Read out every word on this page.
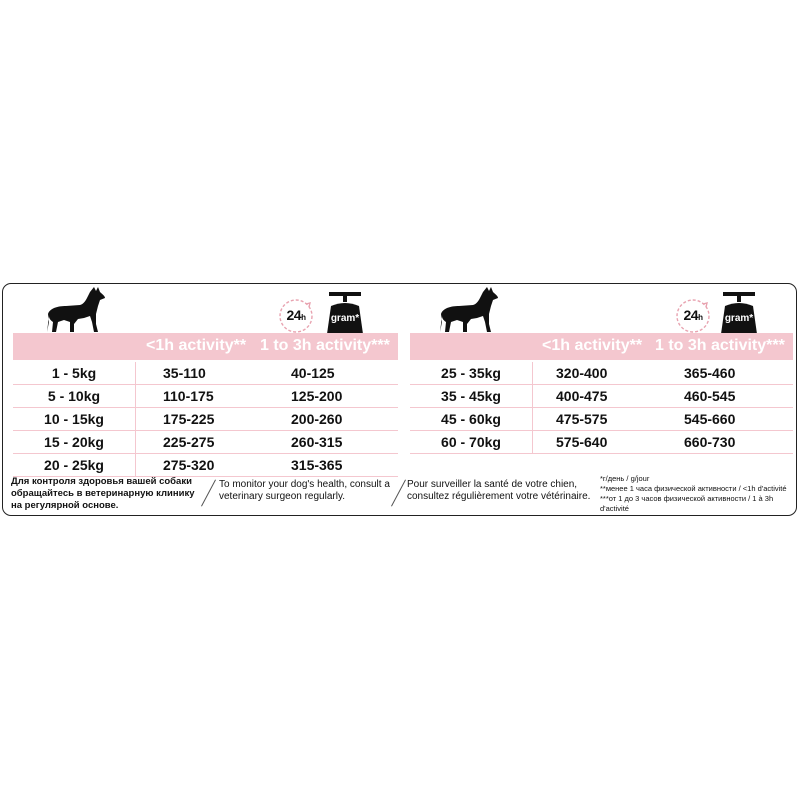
24h	gram*
<1h activity** 1 to 3h activity***
1 - 5kg	35-110	40-125
5 - 10kg	110-175	125-200
10 - 15kg	175-225	200-260
15 - 20kg	225-275	260-315
20 - 25kg	275-320	315-365
24h	gram*
<1h activity** 1 to 3h activity***
25 - 35kg	320-400	365-460
35 - 45kg	400-475	460-545
45 - 60kg	475-575	545-660
60 - 70kg	575-640	660-730
Для контроля здоровья вашей собаки обращайтесь в ветеринарную клинику на регулярной основе.
To monitor your dog's health, consult a veterinary surgeon regularly.
Pour surveiller la santé de votre chien, consultez régulièrement votre vétérinaire.
*г/день / g/jour
**менее 1 часа физической активности / <1h d'activité
***от 1 до 3 часов физической активности / 1 à 3h d'activité
